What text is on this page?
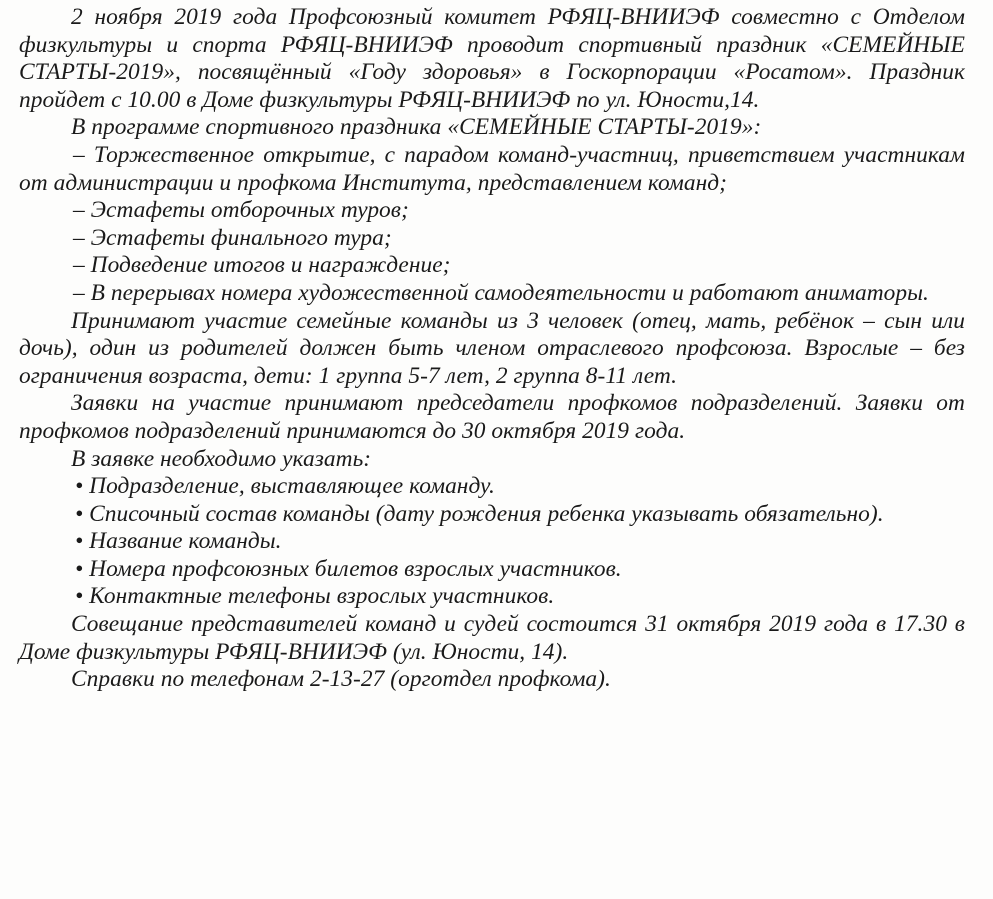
2 ноября 2019 года Профсоюзный комитет РФЯЦ-ВНИИЭФ совместно с Отделом физкультуры и спорта РФЯЦ-ВНИИЭФ проводит спортивный праздник «СЕМЕЙНЫЕ СТАРТЫ-2019», посвящённый «Году здоровья» в Госкорпорации «Росатом». Праздник пройдет с 10.00 в Доме физкультуры РФЯЦ-ВНИИЭФ по ул. Юности,14.

В программе спортивного праздника «СЕМЕЙНЫЕ СТАРТЫ-2019»:

– Торжественное открытие, с парадом команд-участниц, приветствием участникам от администрации и профкома Института, представлением команд;

– Эстафеты отборочных туров;

– Эстафеты финального тура;

– Подведение итогов и награждение;

– В перерывах номера художественной самодеятельности и работают аниматоры.

Принимают участие семейные команды из 3 человек (отец, мать, ребёнок – сын или дочь), один из родителей должен быть членом отраслевого профсоюза. Взрослые – без ограничения возраста, дети: 1 группа 5-7 лет, 2 группа 8-11 лет.

Заявки на участие принимают председатели профкомов подразделений. Заявки от профкомов подразделений принимаются до 30 октября 2019 года.

В заявке необходимо указать:

• Подразделение, выставляющее команду.

• Списочный состав команды (дату рождения ребенка указывать обязательно).

• Название команды.

• Номера профсоюзных билетов взрослых участников.

• Контактные телефоны взрослых участников.

Совещание представителей команд и судей состоится 31 октября 2019 года в 17.30 в Доме физкультуры РФЯЦ-ВНИИЭФ (ул. Юности, 14).

Справки по телефонам 2-13-27 (орготдел профкома).
